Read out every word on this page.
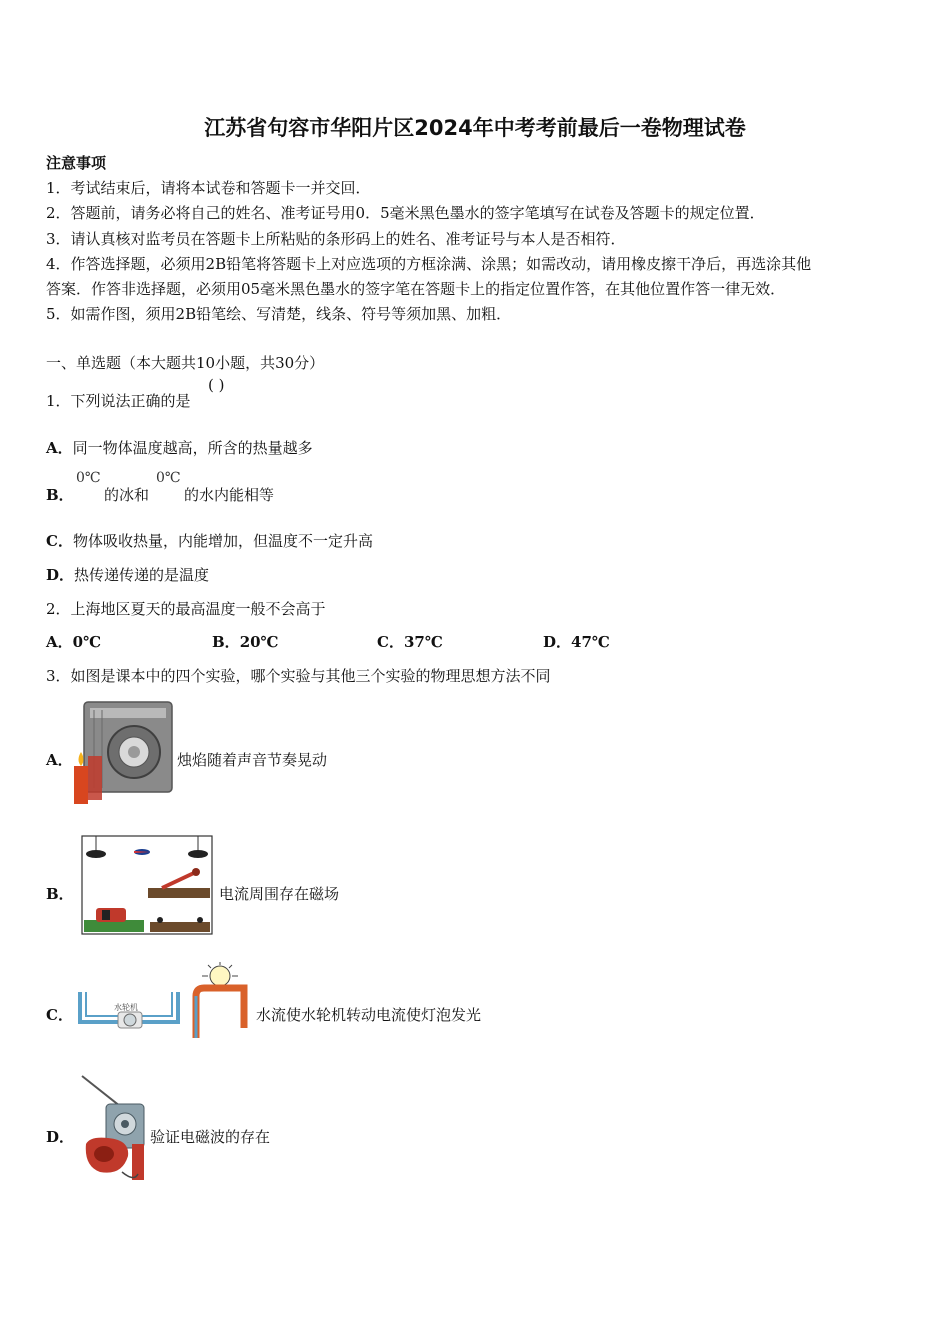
江苏省句容市华阳片区2024年中考考前最后一卷物理试卷
注意事项
1．考试结束后，请将本试卷和答题卡一并交回．
2．答题前，请务必将自己的姓名、准考证号用0．5毫米黑色墨水的签字笔填写在试卷及答题卡的规定位置．
3．请认真核对监考员在答题卡上所粘贴的条形码上的姓名、准考证号与本人是否相符．
4．作答选择题，必须用2B铅笔将答题卡上对应选项的方框涂满、涂黑；如需改动，请用橡皮擦干净后，再选涂其他
答案．作答非选择题，必须用05毫米黑色墨水的签字笔在答题卡上的指定位置作答，在其他位置作答一律无效．
5．如需作图，须用2B铅笔绘、写清楚，线条、符号等须加黑、加粗．
一、单选题（本大题共10小题，共30分）
1．下列说法正确的是
( )
A．同一物体温度越高，所含的热量越多
B．
0℃
的冰和
0℃
的水内能相等
C．物体吸收热量，内能增加，但温度不一定升高
D．热传递传递的是温度
2．上海地区夏天的最高温度一般不会高于
A．0℃	B．20℃	C．37℃	D．47℃
3．如图是课本中的四个实验，哪个实验与其他三个实验的物理思想方法不同
A．	烛焰随着声音节奏晃动
B．	电流周围存在磁场
C．	水轮机	水流使水轮机转动电流使灯泡发光
D．	验证电磁波的存在
